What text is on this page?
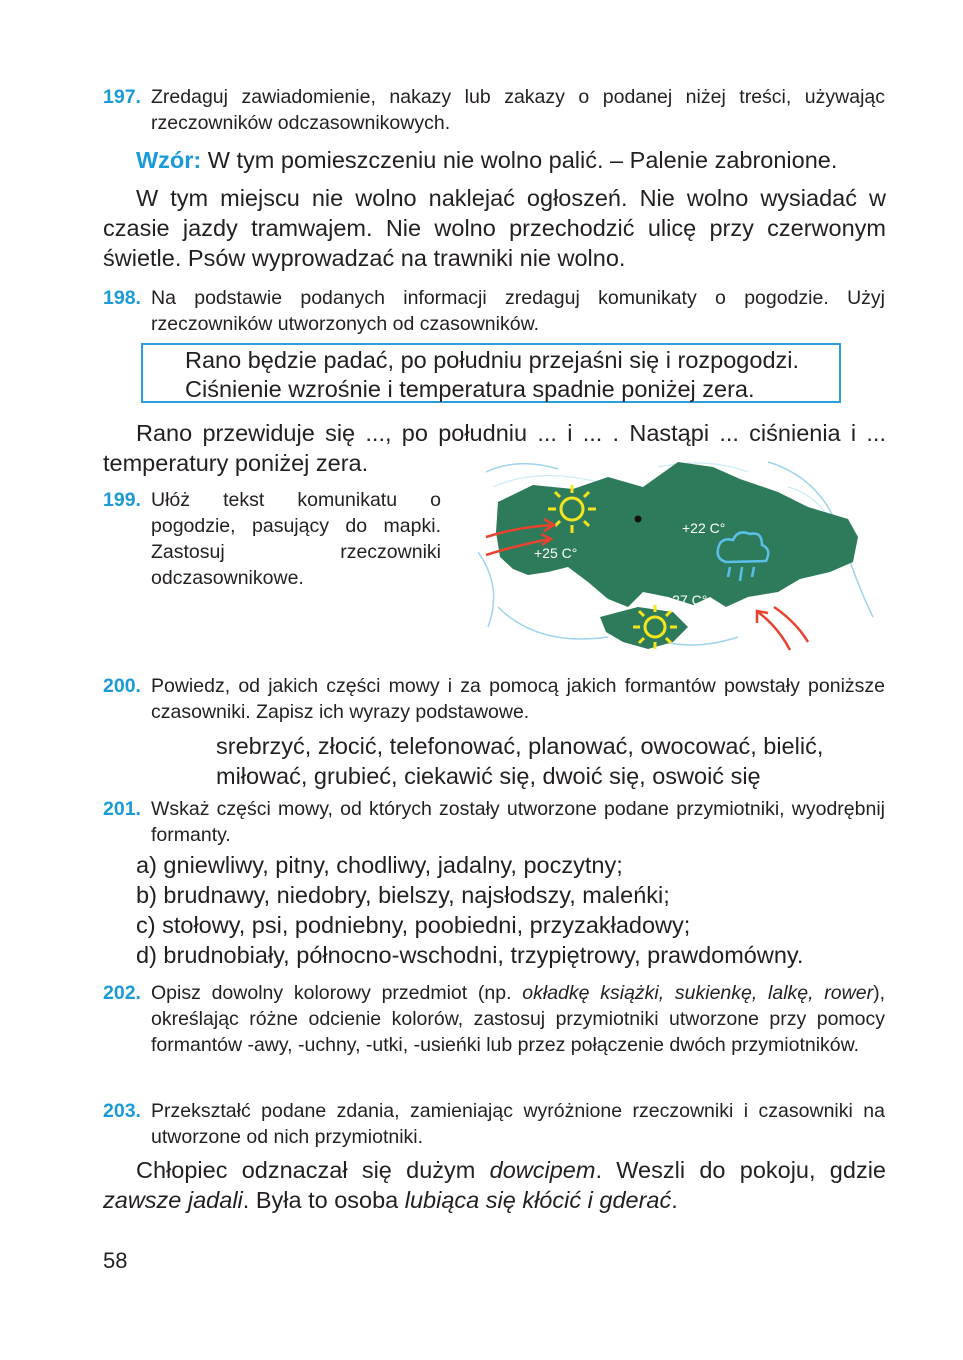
197. Zredaguj zawiadomienie, nakazy lub zakazy o podanej niżej treści, używając rzeczowników odczasownikowych.
Wzór: W tym pomieszczeniu nie wolno palić. – Palenie zabronione.
W tym miejscu nie wolno naklejać ogłoszeń. Nie wolno wysiadać w czasie jazdy tramwajem. Nie wolno przechodzić ulicę przy czerwonym świetle. Psów wyprowadzać na trawniki nie wolno.
198. Na podstawie podanych informacji zredaguj komunikaty o pogodzie. Użyj rzeczowników utworzonych od czasowników.
Rano będzie padać, po południu przejaśni się i rozpogodzi.
Ciśnienie wzrośnie i temperatura spadnie poniżej zera.
Rano przewiduje się ..., po południu ... i ... . Nastąpi ... ciśnienia i ... temperatury poniżej zera.
199. Ułóż tekst komunikatu o pogodzie, pasujący do mapki. Zastosuj rzeczowniki odczasownikowe.
+22 C°
+25 C°
+27 C°
200. Powiedz, od jakich części mowy i za pomocą jakich formantów powstały poniższe czasowniki. Zapisz ich wyrazy podstawowe.
srebrzyć, złocić, telefonować, planować, owocować, bielić,
miłować, grubieć, ciekawić się, dwoić się, oswoić się
201. Wskaż części mowy, od których zostały utworzone podane przymiotniki, wyodrębnij formanty.
a) gniewliwy, pitny, chodliwy, jadalny, poczytny;
b) brudnawy, niedobry, bielszy, najsłodszy, maleńki;
c) stołowy, psi, podniebny, poobiedni, przyzakładowy;
d) brudnobiały, północno-wschodni, trzypiętrowy, prawdomówny.
202. Opisz dowolny kolorowy przedmiot (np. okładkę książki, sukienkę, lalkę, rower), określając różne odcienie kolorów, zastosuj przymiotniki utworzone przy pomocy formantów -awy, -uchny, -utki, -usieńki lub przez połączenie dwóch przymiotników.
203. Przekształć podane zdania, zamieniając wyróżnione rzeczowniki i czasowniki na utworzone od nich przymiotniki.
Chłopiec odznaczał się dużym dowcipem. Weszli do pokoju, gdzie zawsze jadali. Była to osoba lubiąca się kłócić i gderać.
58
